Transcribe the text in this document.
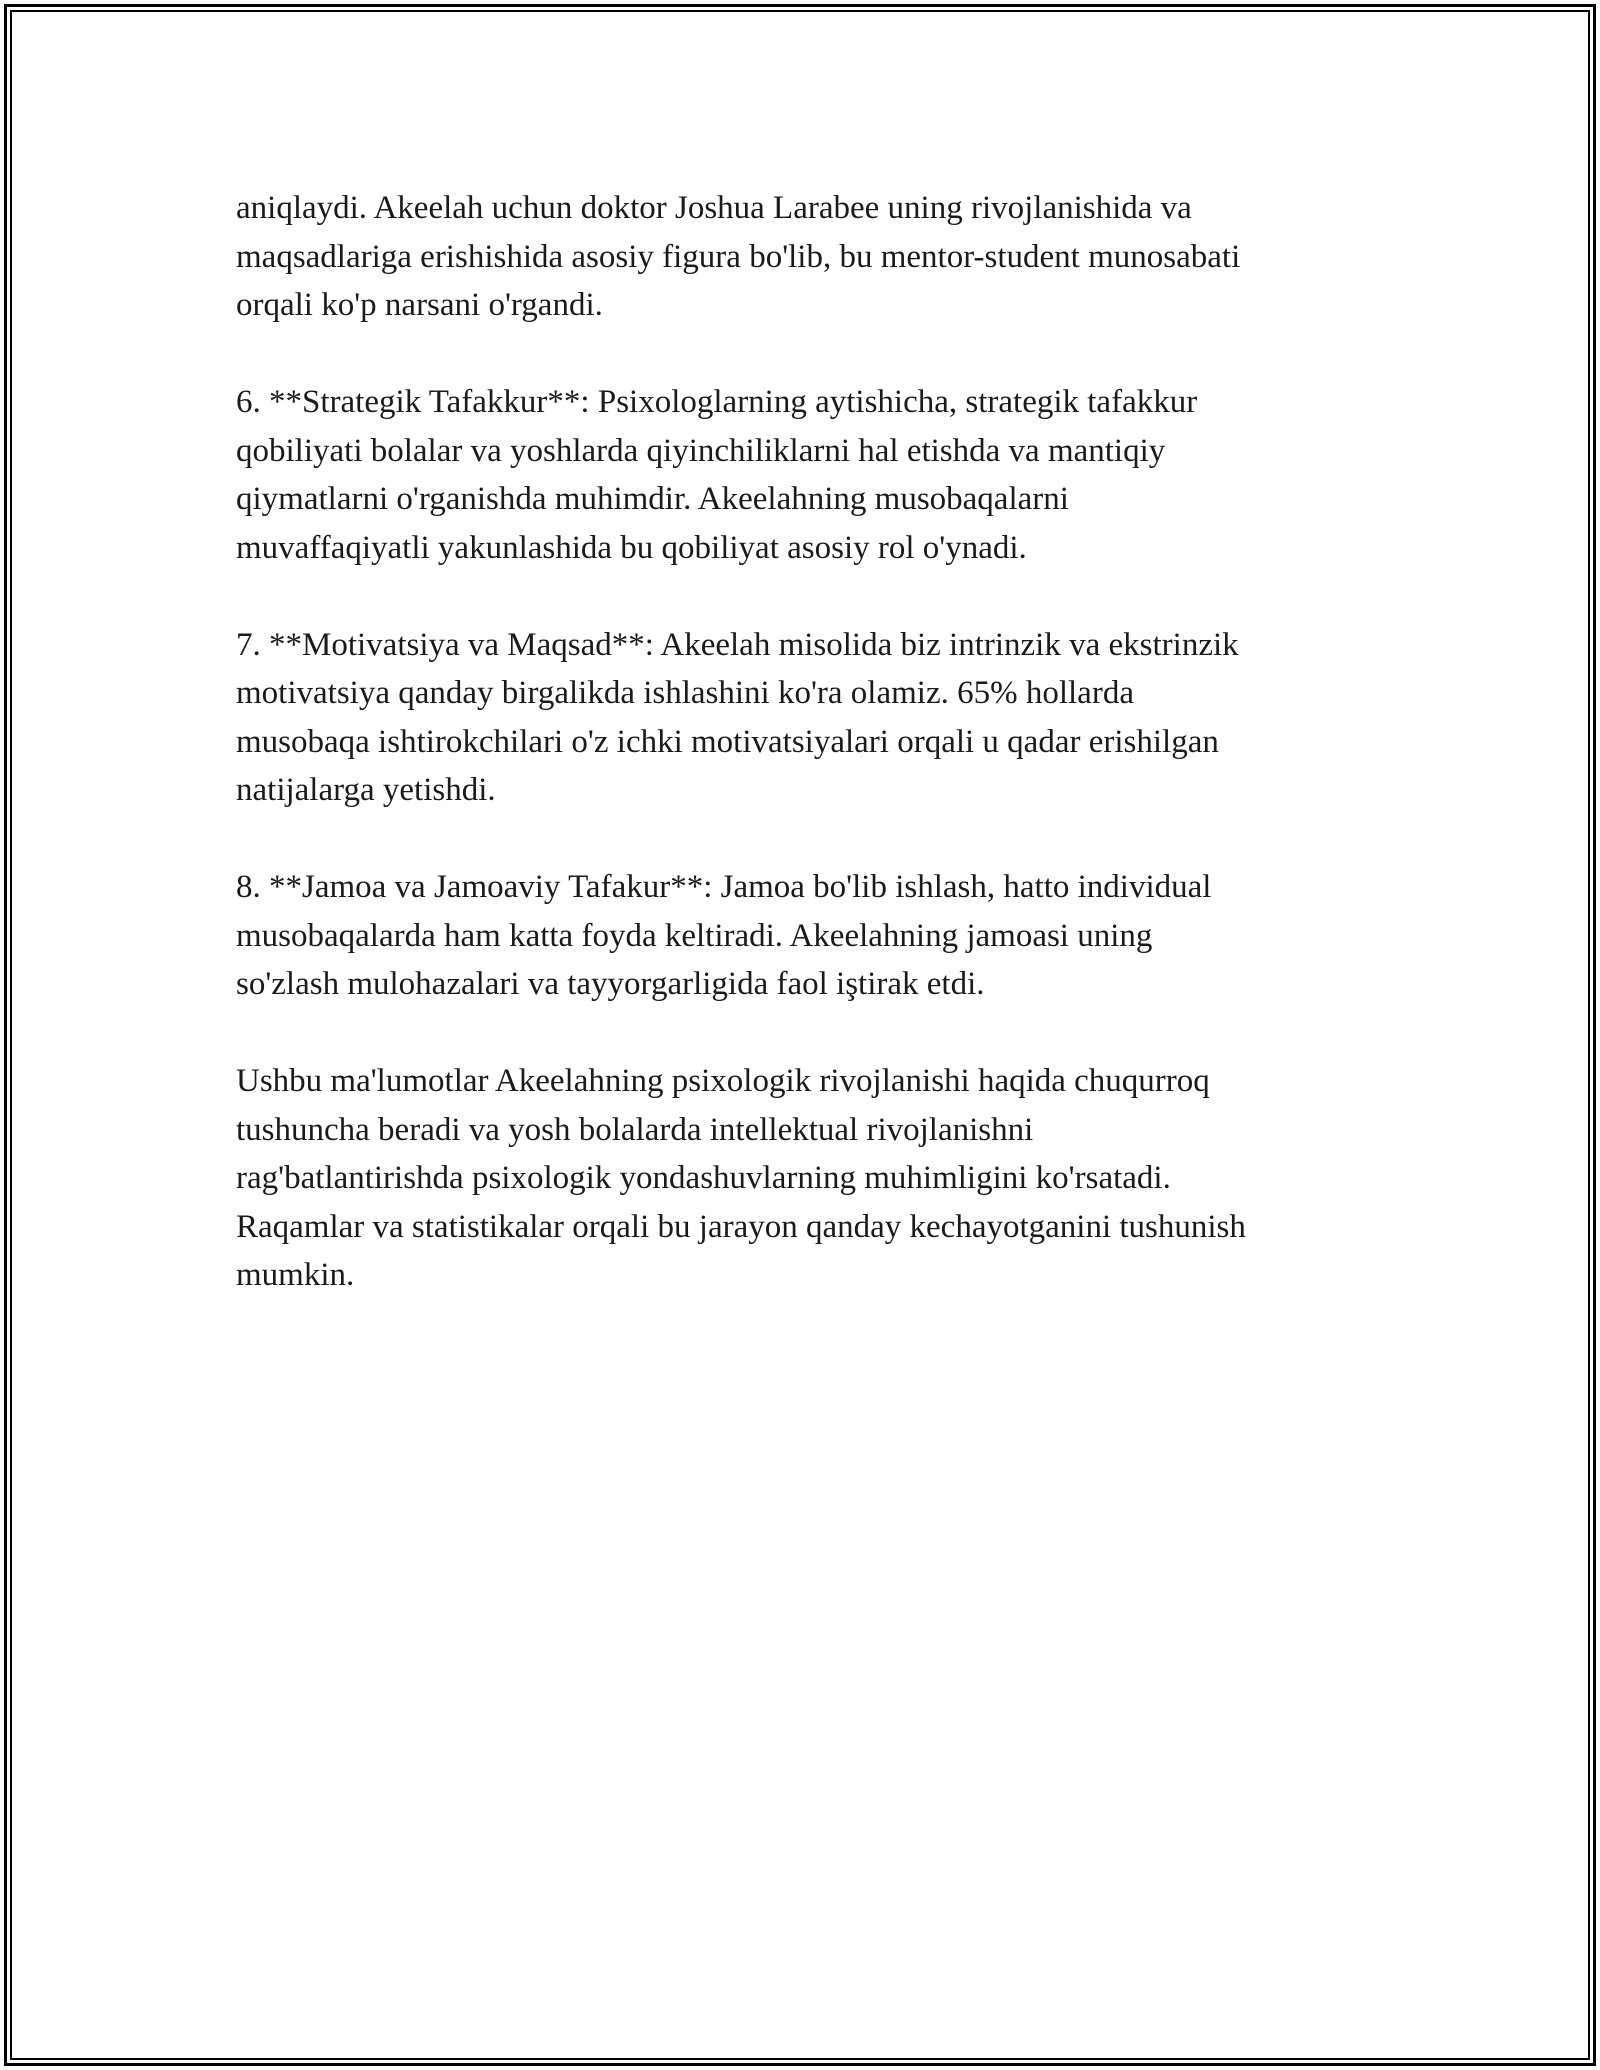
aniqlaydi. Akeelah uchun doktor Joshua Larabee uning rivojlanishida va
maqsadlariga erishishida asosiy figura bo'lib, bu mentor-student munosabati
orqali ko'p narsani o'rgandi.

6. **Strategik Tafakkur**: Psixologlarning aytishicha, strategik tafakkur
qobiliyati bolalar va yoshlarda qiyinchiliklarni hal etishda va mantiqiy
qiymatlarni o'rganishda muhimdir. Akeelahning musobaqalarni
muvaffaqiyatli yakunlashida bu qobiliyat asosiy rol o'ynadi.

7. **Motivatsiya va Maqsad**: Akeelah misolida biz intrinzik va ekstrinzik
motivatsiya qanday birgalikda ishlashini ko'ra olamiz. 65% hollarda
musobaqa ishtirokchilari o'z ichki motivatsiyalari orqali u qadar erishilgan
natijalarga yetishdi.

8. **Jamoa va Jamoaviy Tafakur**: Jamoa bo'lib ishlash, hatto individual
musobaqalarda ham katta foyda keltiradi. Akeelahning jamoasi uning
so'zlash mulohazalari va tayyorgarligida faol iştirak etdi.

Ushbu ma'lumotlar Akeelahning psixologik rivojlanishi haqida chuqurroq
tushuncha beradi va yosh bolalarda intellektual rivojlanishni
rag'batlantirishda psixologik yondashuvlarning muhimligini ko'rsatadi.
Raqamlar va statistikalar orqali bu jarayon qanday kechayotganini tushunish
mumkin.
